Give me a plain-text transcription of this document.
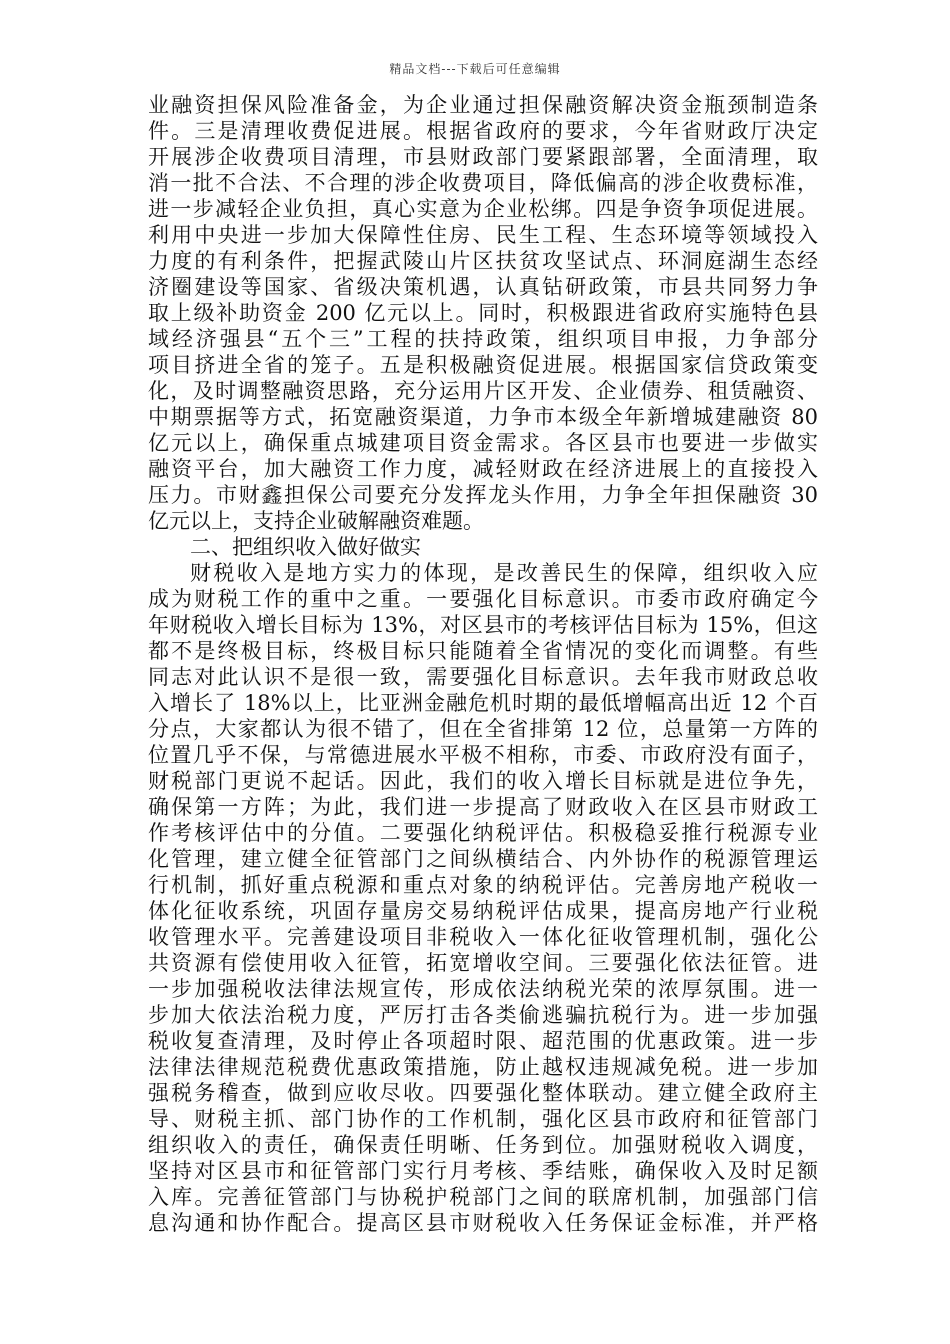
精品文档---下载后可任意编辑
业融资担保风险准备金，为企业通过担保融资解决资金瓶颈制造条
件。三是清理收费促进展。根据省政府的要求，今年省财政厅决定
开展涉企收费项目清理，市县财政部门要紧跟部署，全面清理，取
消一批不合法、不合理的涉企收费项目，降低偏高的涉企收费标准，
进一步减轻企业负担，真心实意为企业松绑。四是争资争项促进展。
利用中央进一步加大保障性住房、民生工程、生态环境等领域投入
力度的有利条件，把握武陵山片区扶贫攻坚试点、环洞庭湖生态经
济圈建设等国家、省级决策机遇，认真钻研政策，市县共同努力争
取上级补助资金 200 亿元以上。同时，积极跟进省政府实施特色县
域经济强县“五个三”工程的扶持政策，组织项目申报，力争部分
项目挤进全省的笼子。五是积极融资促进展。根据国家信贷政策变
化，及时调整融资思路，充分运用片区开发、企业债券、租赁融资、
中期票据等方式，拓宽融资渠道，力争市本级全年新增城建融资 80
亿元以上，确保重点城建项目资金需求。各区县市也要进一步做实
融资平台，加大融资工作力度，减轻财政在经济进展上的直接投入
压力。市财鑫担保公司要充分发挥龙头作用，力争全年担保融资 30
亿元以上，支持企业破解融资难题。
二、把组织收入做好做实
财税收入是地方实力的体现，是改善民生的保障，组织收入应
成为财税工作的重中之重。一要强化目标意识。市委市政府确定今
年财税收入增长目标为 13%，对区县市的考核评估目标为 15%，但这
都不是终极目标，终极目标只能随着全省情况的变化而调整。有些
同志对此认识不是很一致，需要强化目标意识。去年我市财政总收
入增长了 18%以上，比亚洲金融危机时期的最低增幅高出近 12 个百
分点，大家都认为很不错了，但在全省排第 12 位，总量第一方阵的
位置几乎不保，与常德进展水平极不相称，市委、市政府没有面子，
财税部门更说不起话。因此，我们的收入增长目标就是进位争先，
确保第一方阵；为此，我们进一步提高了财政收入在区县市财政工
作考核评估中的分值。二要强化纳税评估。积极稳妥推行税源专业
化管理，建立健全征管部门之间纵横结合、内外协作的税源管理运
行机制，抓好重点税源和重点对象的纳税评估。完善房地产税收一
体化征收系统，巩固存量房交易纳税评估成果，提高房地产行业税
收管理水平。完善建设项目非税收入一体化征收管理机制，强化公
共资源有偿使用收入征管，拓宽增收空间。三要强化依法征管。进
一步加强税收法律法规宣传，形成依法纳税光荣的浓厚氛围。进一
步加大依法治税力度，严厉打击各类偷逃骗抗税行为。进一步加强
税收复查清理，及时停止各项超时限、超范围的优惠政策。进一步
法律法律规范税费优惠政策措施，防止越权违规减免税。进一步加
强税务稽查，做到应收尽收。四要强化整体联动。建立健全政府主
导、财税主抓、部门协作的工作机制，强化区县市政府和征管部门
组织收入的责任，确保责任明晰、任务到位。加强财税收入调度，
坚持对区县市和征管部门实行月考核、季结账，确保收入及时足额
入库。完善征管部门与协税护税部门之间的联席机制，加强部门信
息沟通和协作配合。提高区县市财税收入任务保证金标准，并严格
